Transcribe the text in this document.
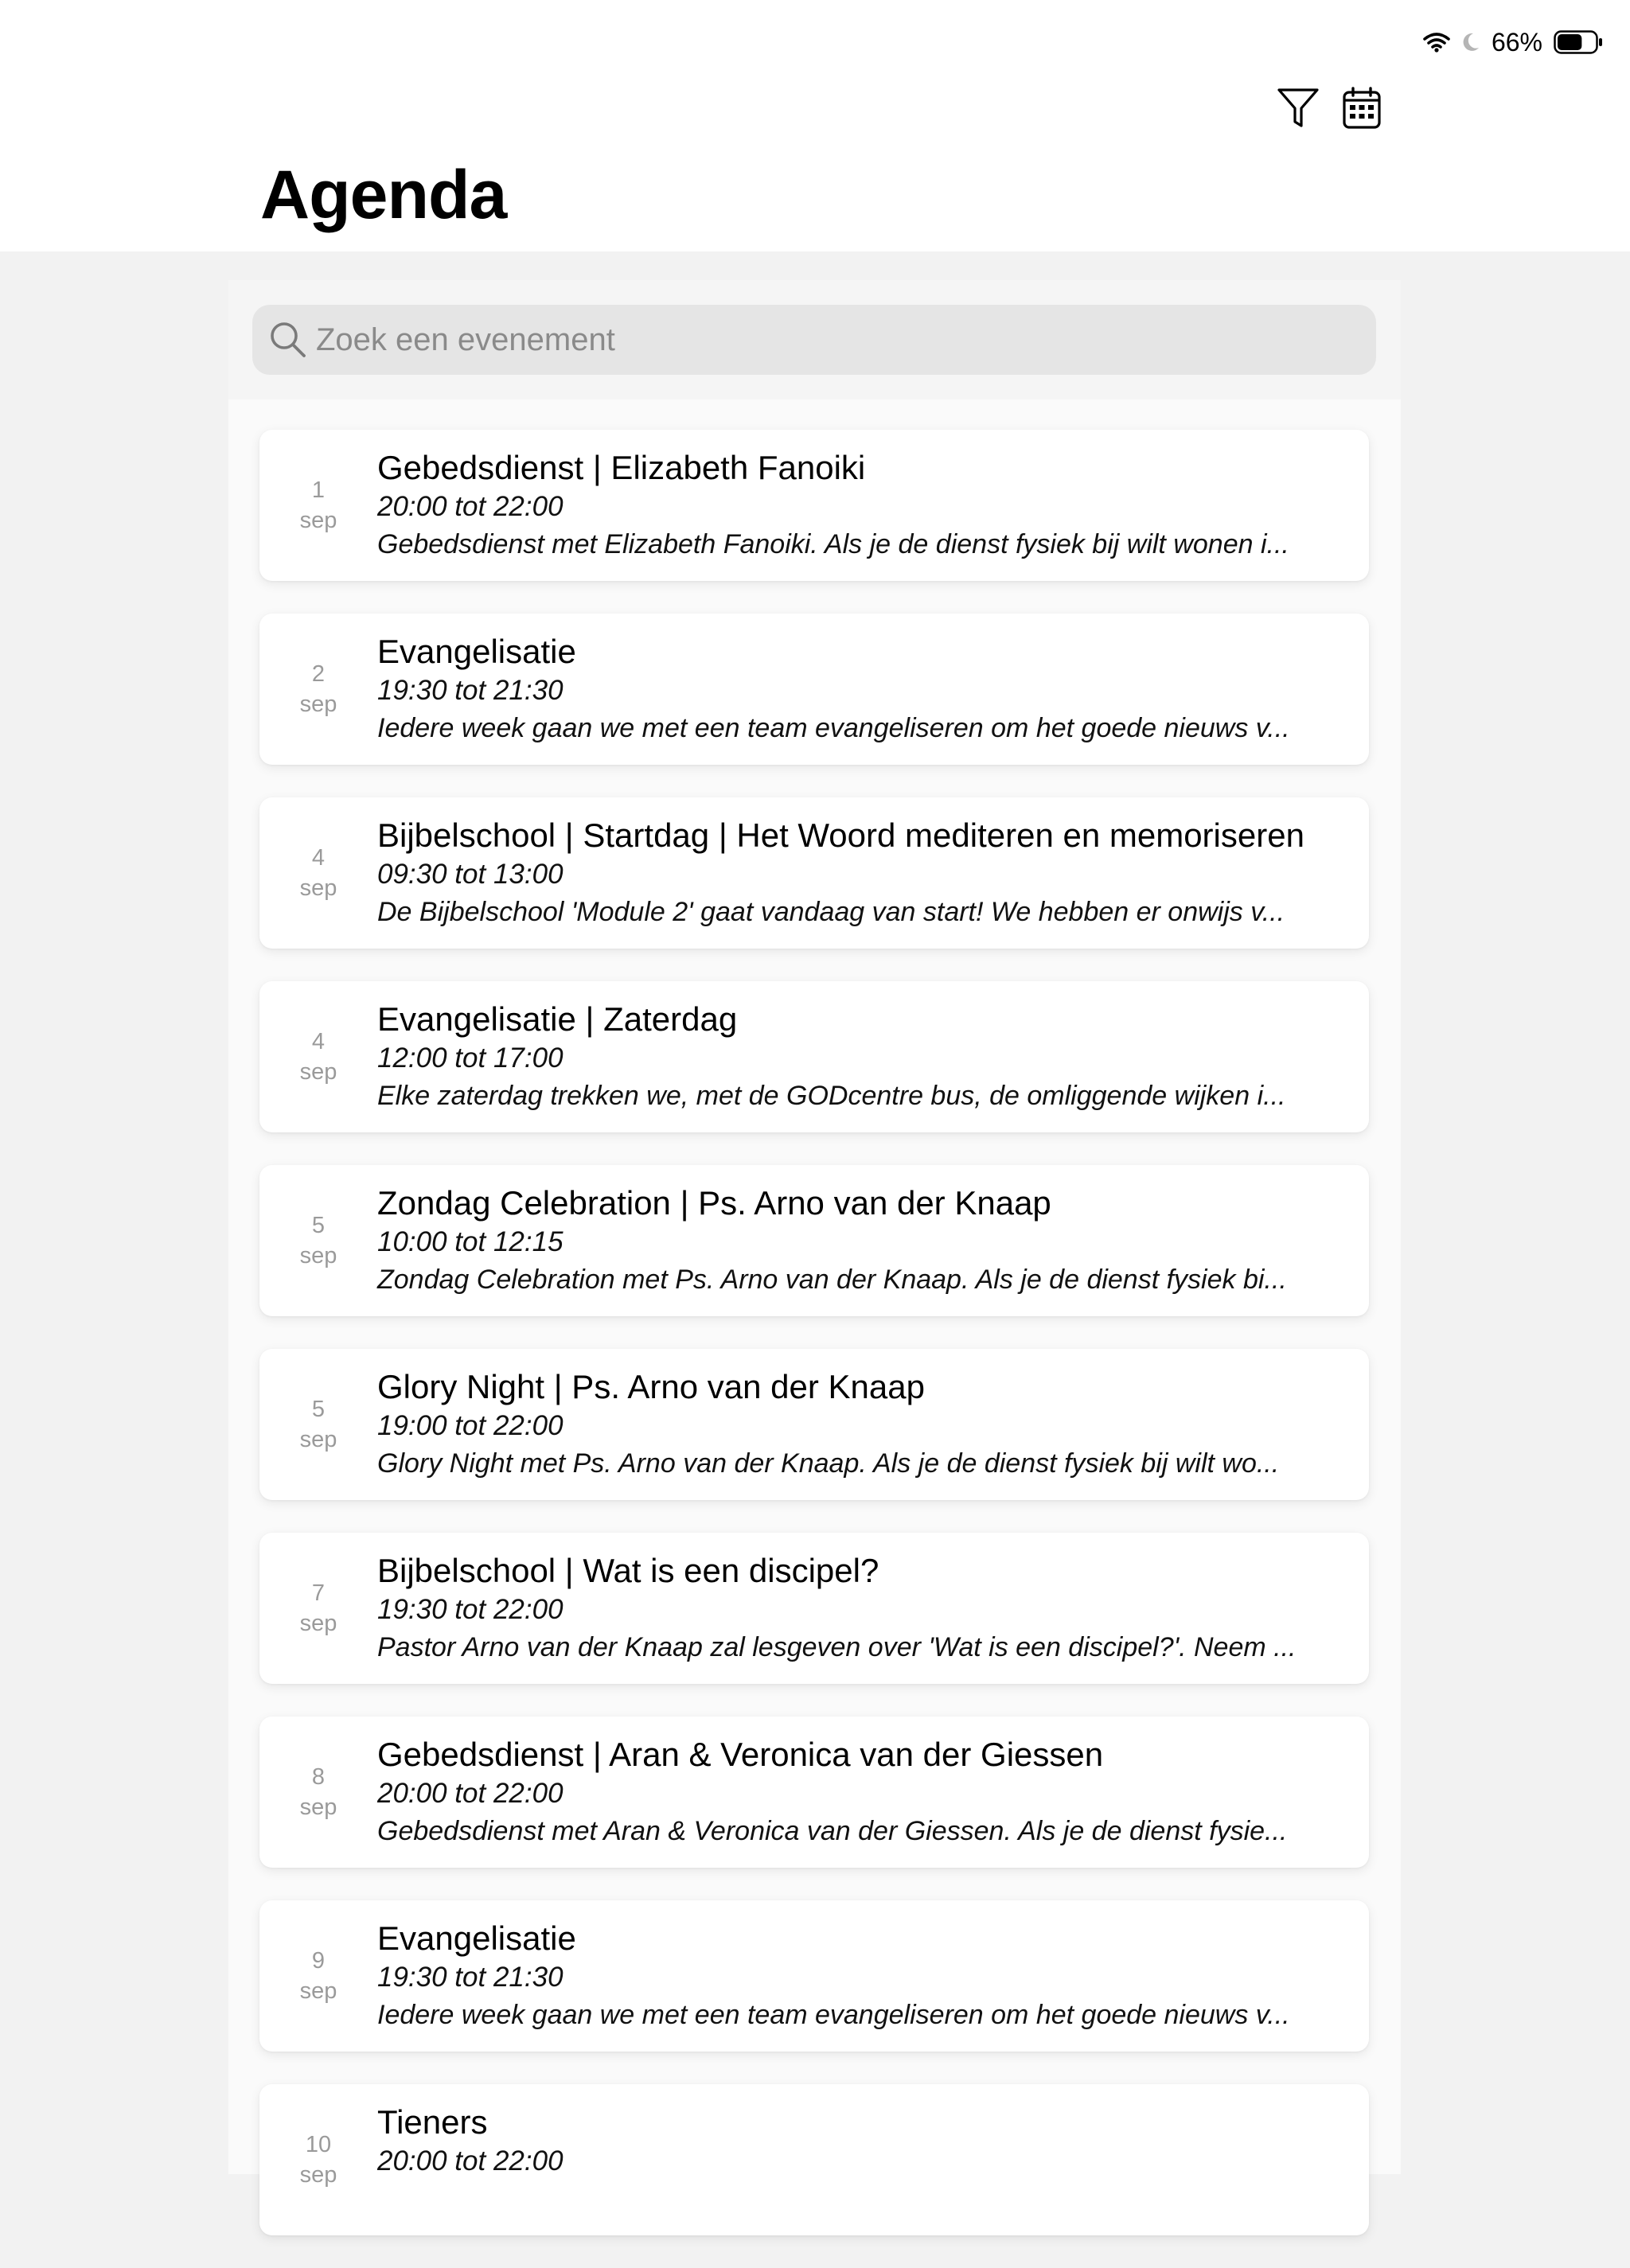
66%
Agenda
Zoek een evenement
1
sep
Gebedsdienst | Elizabeth Fanoiki
20:00 tot 22:00
Gebedsdienst met Elizabeth Fanoiki. Als je de dienst fysiek bij wilt wonen i...
2
sep
Evangelisatie
19:30 tot 21:30
Iedere week gaan we met een team evangeliseren om het goede nieuws v...
4
sep
Bijbelschool | Startdag | Het Woord mediteren en memoriseren
09:30 tot 13:00
De Bijbelschool 'Module 2' gaat vandaag van start! We hebben er onwijs v...
4
sep
Evangelisatie | Zaterdag
12:00 tot 17:00
Elke zaterdag trekken we, met de GODcentre bus, de omliggende wijken i...
5
sep
Zondag Celebration | Ps. Arno van der Knaap
10:00 tot 12:15
Zondag Celebration met Ps. Arno van der Knaap. Als je de dienst fysiek bi...
5
sep
Glory Night | Ps. Arno van der Knaap
19:00 tot 22:00
Glory Night met Ps. Arno van der Knaap. Als je de dienst fysiek bij wilt wo...
7
sep
Bijbelschool | Wat is een discipel?
19:30 tot 22:00
Pastor Arno van der Knaap zal lesgeven over 'Wat is een discipel?'. Neem ...
8
sep
Gebedsdienst | Aran & Veronica van der Giessen
20:00 tot 22:00
Gebedsdienst met Aran & Veronica van der Giessen. Als je de dienst fysie...
9
sep
Evangelisatie
19:30 tot 21:30
Iedere week gaan we met een team evangeliseren om het goede nieuws v...
10
sep
Tieners
20:00 tot 22:00
